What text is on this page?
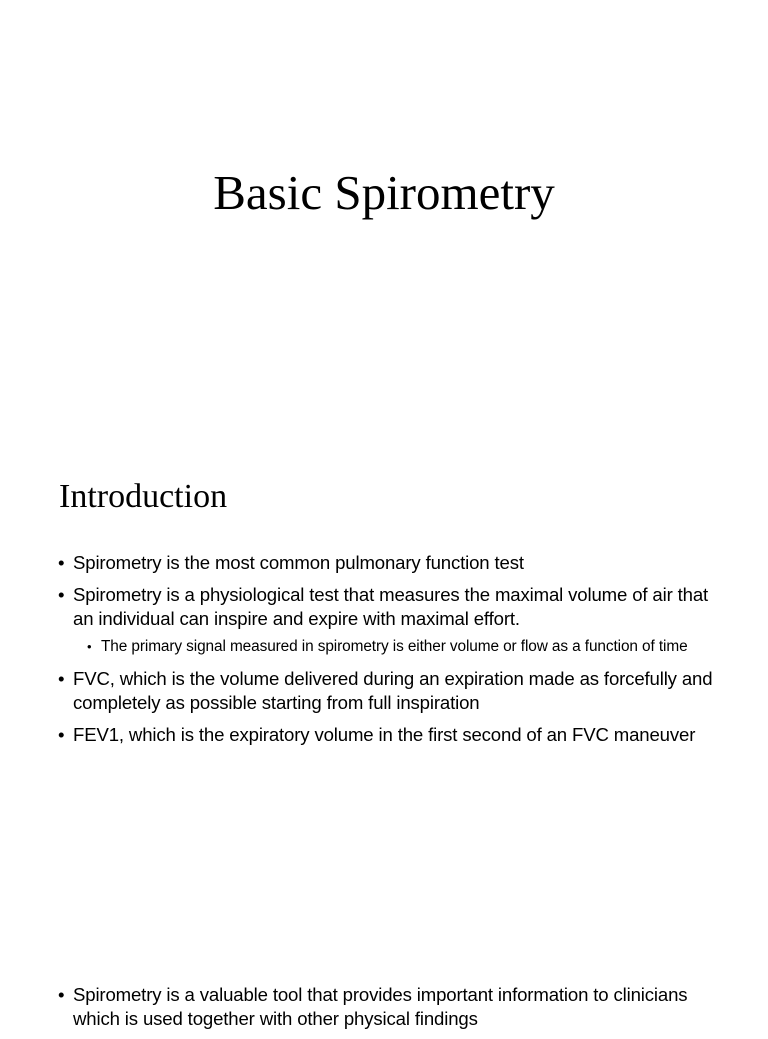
Basic Spirometry
Introduction
• Spirometry is the most common pulmonary function test
• Spirometry is a physiological test that measures the maximal volume of air that an individual can inspire and expire with maximal effort.
• The primary signal measured in spirometry is either volume or flow as a function of time
• FVC, which is the volume delivered during an expiration made as forcefully and completely as possible starting from full inspiration
• FEV1, which is the expiratory volume in the first second of an FVC maneuver
• Spirometry is a valuable tool that provides important information to clinicians which is used together with other physical findings
